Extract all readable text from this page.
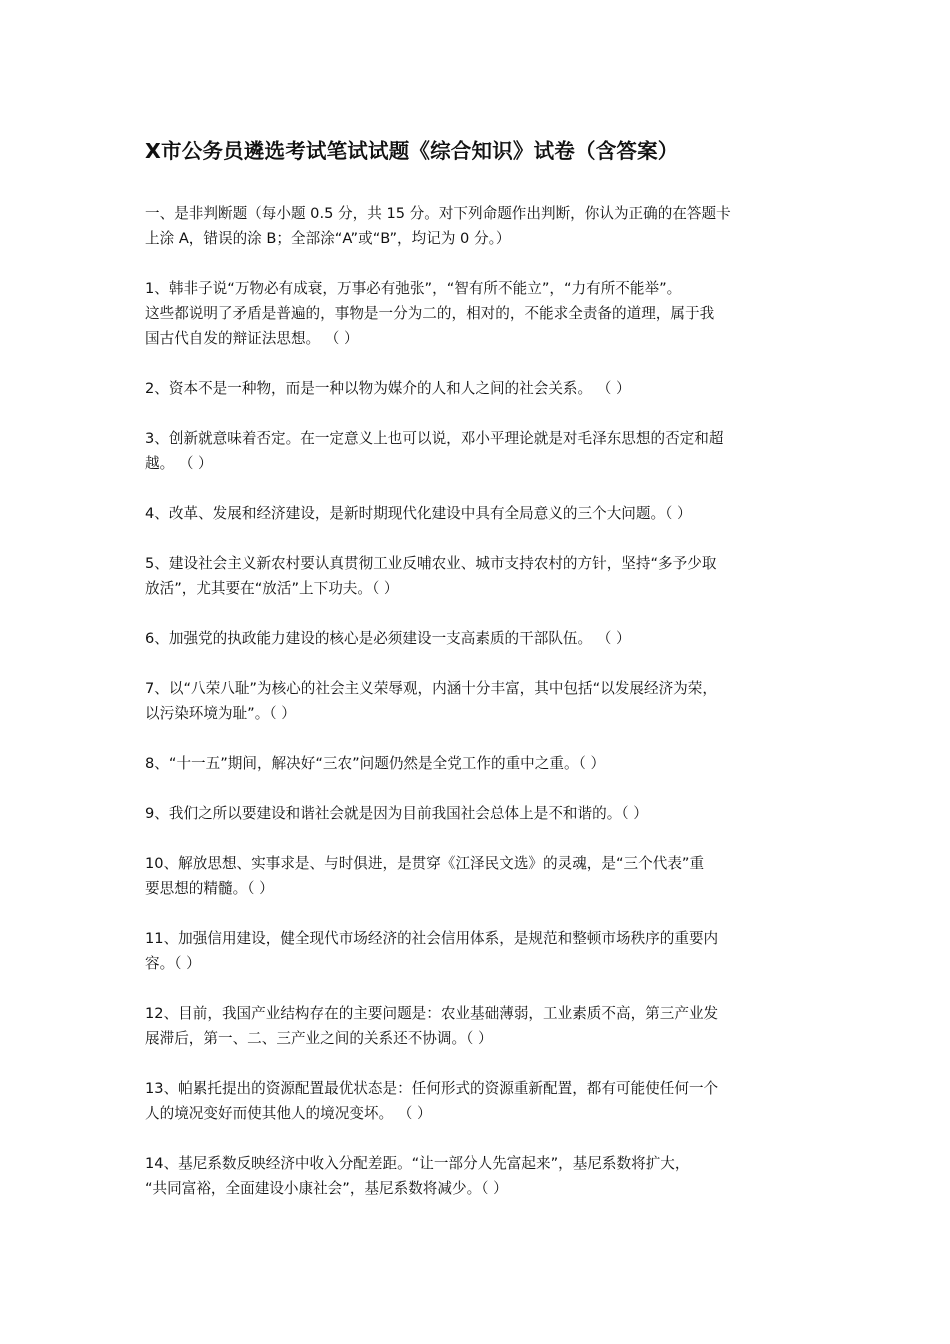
X市公务员遴选考试笔试试题《综合知识》试卷（含答案）
一、是非判断题（每小题 0.5 分，共 15 分。对下列命题作出判断，你认为正确的在答题卡
上涂 A，错误的涂 B；全部涂“A”或“B”，均记为 0 分。）
1、韩非子说“万物必有成衰，万事必有弛张”，“智有所不能立”，“力有所不能举”。
这些都说明了矛盾是普遍的，事物是一分为二的，相对的，不能求全责备的道理，属于我
国古代自发的辩证法思想。 （ ）
2、资本不是一种物，而是一种以物为媒介的人和人之间的社会关系。 （ ）
3、创新就意味着否定。在一定意义上也可以说，邓小平理论就是对毛泽东思想的否定和超
越。 （ ）
4、改革、发展和经济建设，是新时期现代化建设中具有全局意义的三个大问题。（ ）
5、建设社会主义新农村要认真贯彻工业反哺农业、城市支持农村的方针，坚持“多予少取
放活”，尤其要在“放活”上下功夫。（ ）
6、加强党的执政能力建设的核心是必须建设一支高素质的干部队伍。 （ ）
7、以“八荣八耻”为核心的社会主义荣辱观，内涵十分丰富，其中包括“以发展经济为荣，
以污染环境为耻”。（ ）
8、“十一五”期间，解决好“三农”问题仍然是全党工作的重中之重。（ ）
9、我们之所以要建设和谐社会就是因为目前我国社会总体上是不和谐的。（ ）
10、解放思想、实事求是、与时俱进，是贯穿《江泽民文选》的灵魂，是“三个代表”重
要思想的精髓。（ ）
11、加强信用建设，健全现代市场经济的社会信用体系，是规范和整顿市场秩序的重要内
容。（ ）
12、目前，我国产业结构存在的主要问题是：农业基础薄弱，工业素质不高，第三产业发
展滞后，第一、二、三产业之间的关系还不协调。（ ）
13、帕累托提出的资源配置最优状态是：任何形式的资源重新配置，都有可能使任何一个
人的境况变好而使其他人的境况变坏。 （ ）
14、基尼系数反映经济中收入分配差距。“让一部分人先富起来”，基尼系数将扩大，
“共同富裕，全面建设小康社会”，基尼系数将减少。（ ）
